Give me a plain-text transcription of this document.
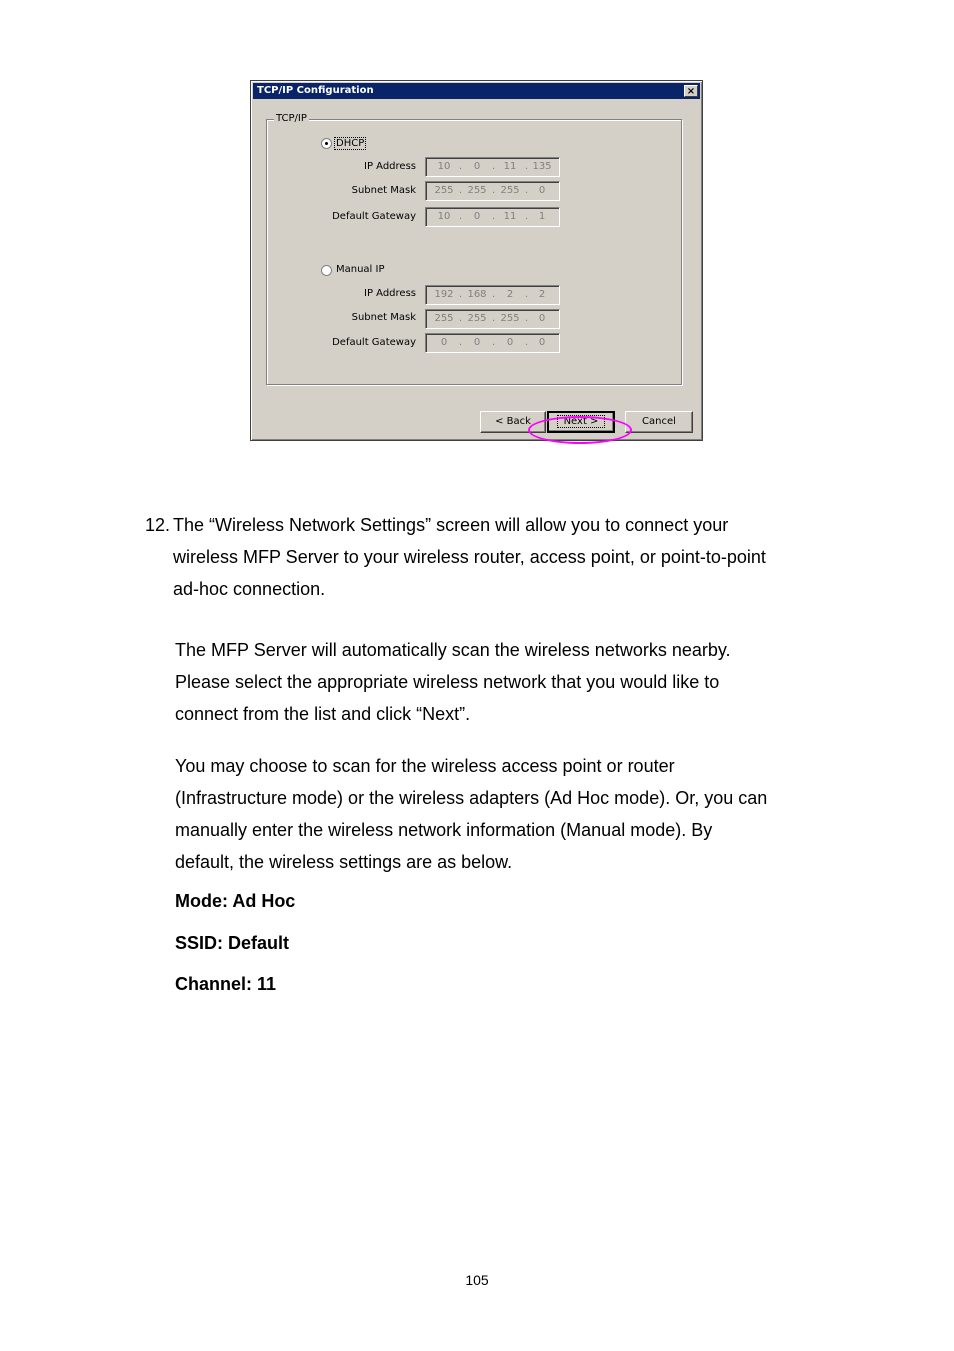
TCP/IP Configuration	×
TCP/IP
DHCP
IP Address	10 .	0	. 11 . 135
Subnet Mask 255 . 255 . 255 .	0
Default Gateway	10 .	0	. 11 .	1
Manual IP
IP Address 192 . 168 .	2	.	2
Subnet Mask 255 . 255 . 255 .	0
Default Gateway	0	.	0	.	0	.	0
< Back	Next >	Cancel
12. The “Wireless Network Settings” screen will allow you to connect your
wireless MFP Server to your wireless router, access point, or point-to-point
ad-hoc connection.
The MFP Server will automatically scan the wireless networks nearby.
Please select the appropriate wireless network that you would like to
connect from the list and click “Next”.
You may choose to scan for the wireless access point or router
(Infrastructure mode) or the wireless adapters (Ad Hoc mode). Or, you can
manually enter the wireless network information (Manual mode). By
default, the wireless settings are as below.
Mode: Ad Hoc
SSID: Default
Channel: 11
105
